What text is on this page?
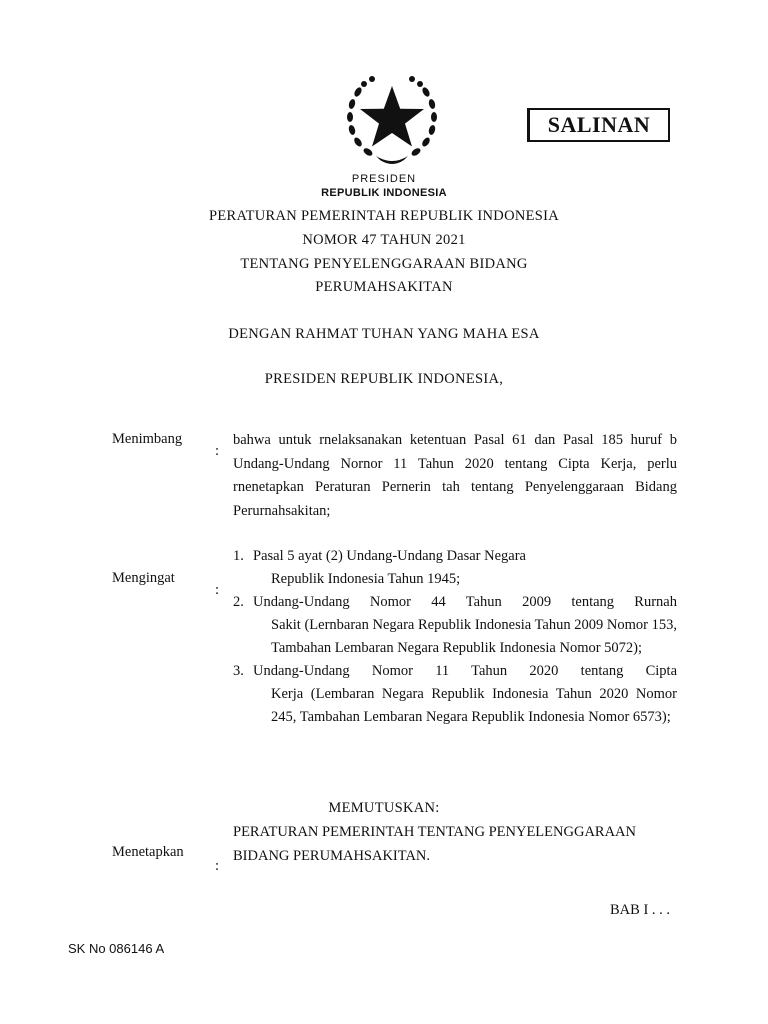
SALINAN
PRESIDEN
REPUBLIK INDONESIA
PERATURAN PEMERINTAH REPUBLIK INDONESIA
NOMOR 47 TAHUN 2021
TENTANG PENYELENGGARAAN BIDANG
PERUMAHSAKITAN
DENGAN RAHMAT TUHAN YANG MAHA ESA
PRESIDEN REPUBLIK INDONESIA,
Menimbang
:
bahwa untuk rnelaksanakan ketentuan Pasal 61 dan Pasal 185 huruf b Undang-Undang Nornor 11 Tahun 2020 tentang Cipta Kerja, perlu rnenetapkan Peraturan Pernerin tah tentang Penyelenggaraan Bidang Perurnahsakitan;
Mengingat
:
1. Pasal 5 ayat (2) Undang-Undang Dasar Negara
Republik Indonesia Tahun 1945;
2. Undang-Undang Nomor 44 Tahun 2009 tentang Rurnah
Sakit (Lernbaran Negara Republik Indonesia Tahun 2009 Nomor 153, Tambahan Lembaran Negara Republik Indonesia Nomor 5072);
3. Undang-Undang Nomor 11 Tahun 2020 tentang Cipta
Kerja (Lembaran Negara Republik Indonesia Tahun 2020 Nomor 245, Tambahan Lembaran Negara Republik Indonesia Nomor 6573);
MEMUTUSKAN:
Menetapkan
:
PERATURAN PEMERINTAH TENTANG PENYELENGGARAAN BIDANG PERUMAHSAKITAN.
BAB I . . .
SK No 086146 A
